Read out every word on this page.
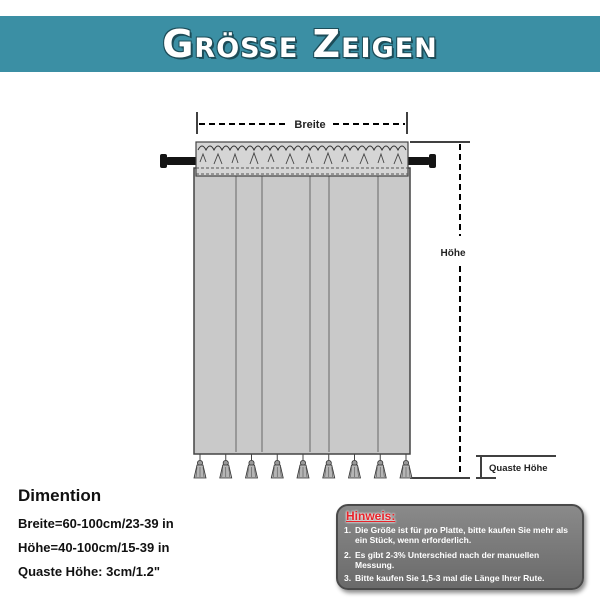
Größe Zeigen
Breite
Höhe
Quaste Höhe
Dimention
Breite=60-100cm/23-39 in
Höhe=40-100cm/15-39 in
Quaste Höhe: 3cm/1.2"
Hinweis:
1. Die Größe ist für pro Platte, bitte kaufen Sie mehr als ein Stück, wenn erforderlich.
2. Es gibt 2-3% Unterschied nach der manuellen Messung.
3. Bitte kaufen Sie 1,5-3 mal die Länge Ihrer Rute.
